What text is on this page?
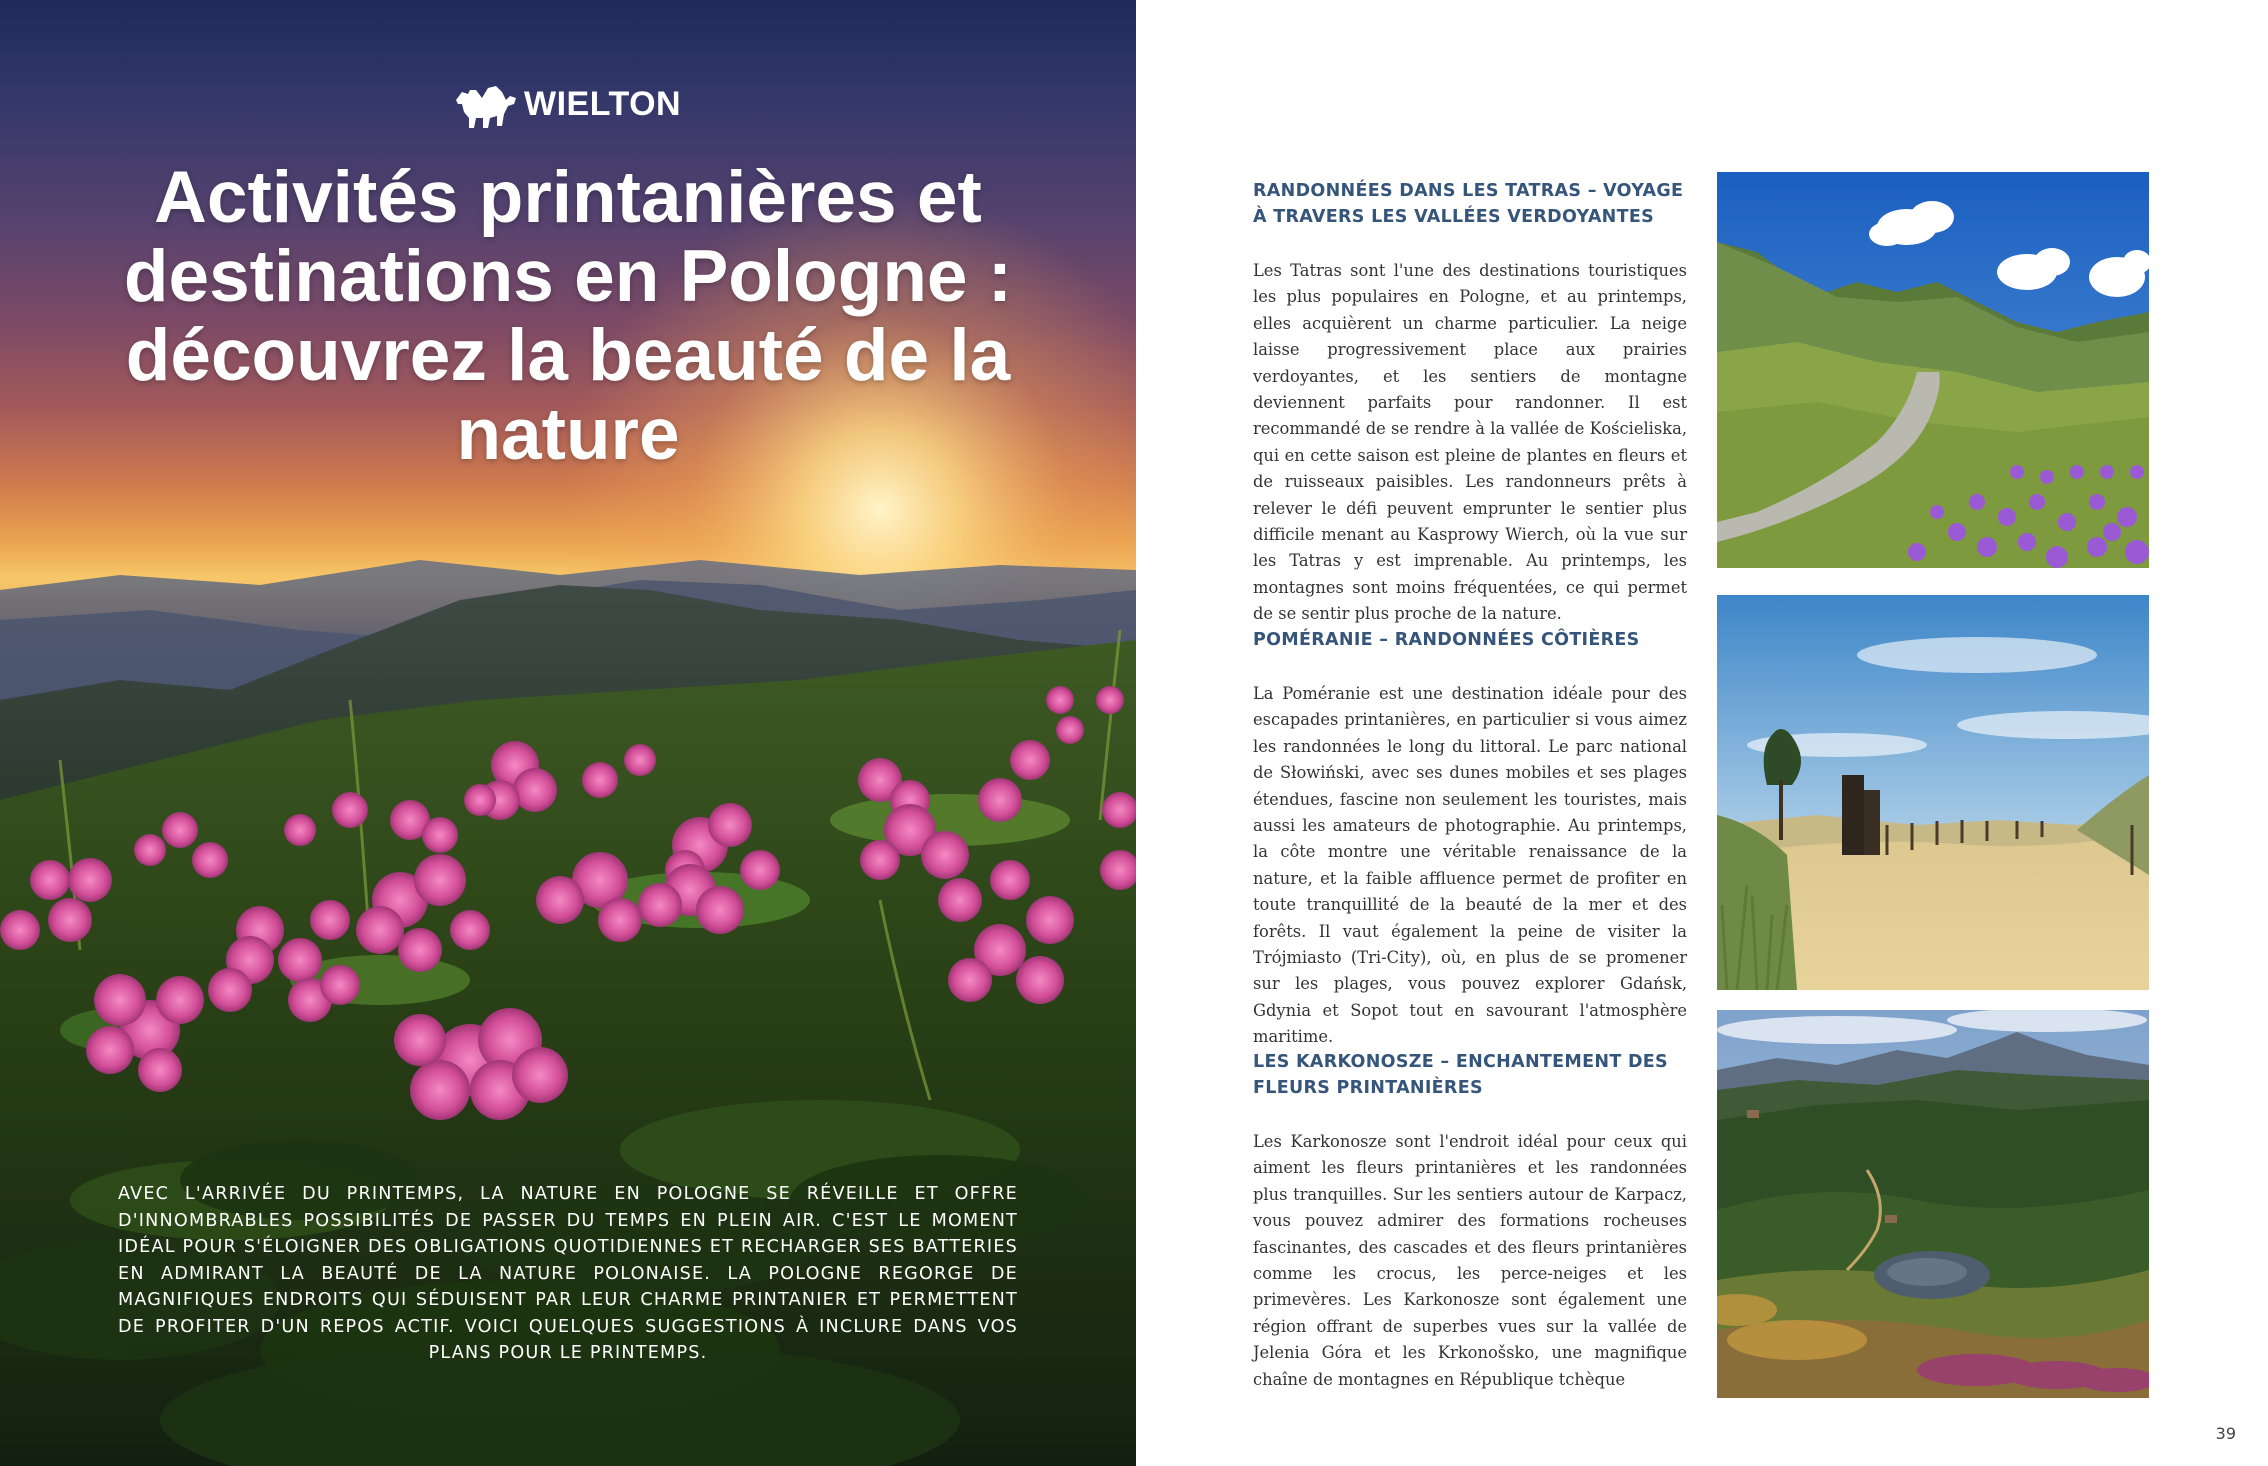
WIELTON
Activités printanières et destinations en Pologne : découvrez la beauté de la nature

AVEC L'ARRIVÉE DU PRINTEMPS, LA NATURE EN POLOGNE SE RÉVEILLE ET OFFRE D'INNOMBRABLES POSSIBILITÉS DE PASSER DU TEMPS EN PLEIN AIR. C'EST LE MOMENT IDÉAL POUR S'ÉLOIGNER DES OBLIGATIONS QUOTIDIENNES ET RECHARGER SES BATTERIES EN ADMIRANT LA BEAUTÉ DE LA NATURE POLONAISE. LA POLOGNE REGORGE DE MAGNIFIQUES ENDROITS QUI SÉDUISENT PAR LEUR CHARME PRINTANIER ET PERMETTENT DE PROFITER D'UN REPOS ACTIF. VOICI QUELQUES SUGGESTIONS À INCLURE DANS VOS PLANS POUR LE PRINTEMPS.

RANDONNÉES DANS LES TATRAS – VOYAGE À TRAVERS LES VALLÉES VERDOYANTES

Les Tatras sont l'une des destinations touristiques les plus populaires en Pologne, et au printemps, elles acquièrent un charme particulier. La neige laisse progressivement place aux prairies verdoyantes, et les sentiers de montagne deviennent parfaits pour randonner. Il est recommandé de se rendre à la vallée de Kościeliska, qui en cette saison est pleine de plantes en fleurs et de ruisseaux paisibles. Les randonneurs prêts à relever le défi peuvent emprunter le sentier plus difficile menant au Kasprowy Wierch, où la vue sur les Tatras y est imprenable. Au printemps, les montagnes sont moins fréquentées, ce qui permet de se sentir plus proche de la nature.

POMÉRANIE – RANDONNÉES CÔTIÈRES

La Poméranie est une destination idéale pour des escapades printanières, en particulier si vous aimez les randonnées le long du littoral. Le parc national de Słowiński, avec ses dunes mobiles et ses plages étendues, fascine non seulement les touristes, mais aussi les amateurs de photographie. Au printemps, la côte montre une véritable renaissance de la nature, et la faible affluence permet de profiter en toute tranquillité de la beauté de la mer et des forêts. Il vaut également la peine de visiter la Trójmiasto (Tri-City), où, en plus de se promener sur les plages, vous pouvez explorer Gdańsk, Gdynia et Sopot tout en savourant l'atmosphère maritime.

LES KARKONOSZE – ENCHANTEMENT DES FLEURS PRINTANIÈRES

Les Karkonosze sont l'endroit idéal pour ceux qui aiment les fleurs printanières et les randonnées plus tranquilles. Sur les sentiers autour de Karpacz, vous pouvez admirer des formations rocheuses fascinantes, des cascades et des fleurs printanières comme les crocus, les perce-neiges et les primevères. Les Karkonosze sont également une région offrant de superbes vues sur la vallée de Jelenia Góra et les Krkonošsko, une magnifique chaîne de montagnes en République tchèque

39
